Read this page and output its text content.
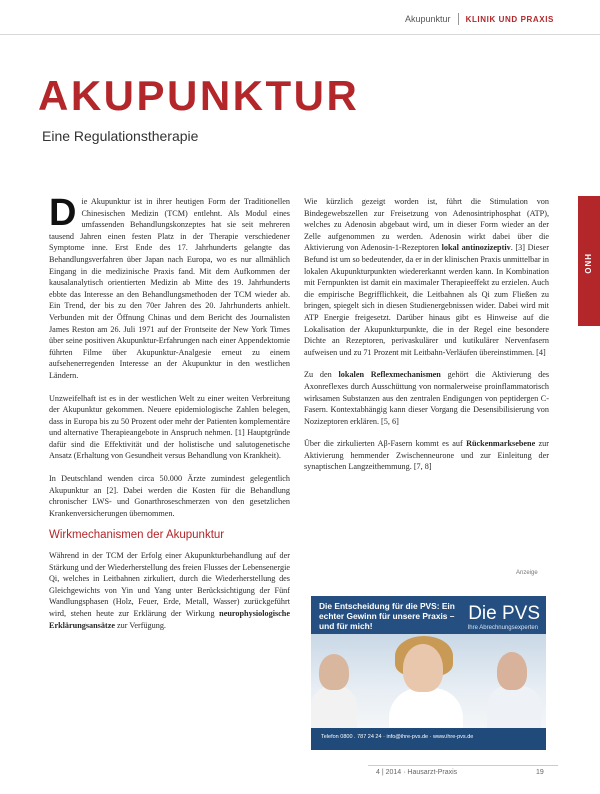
Akupunktur KLINIK UND PRAXIS
AKUPUNKTUR
Eine Regulationstherapie
HNO

Die Akupunktur ist in ihrer heutigen Form der Traditionellen Chinesischen Medizin (TCM) entlehnt. Als Modul eines umfassenden Behandlungskonzeptes hat sie seit mehreren tausend Jahren einen festen Platz in der Therapie verschiedener Symptome inne. Erst Ende des 17. Jahrhunderts gelangte das Behandlungsverfahren über Japan nach Europa, wo es nur allmählich Eingang in die medizinische Praxis fand. Mit dem Aufkommen der kausalanalytisch orientierten Medizin ab Mitte des 19. Jahrhunderts ebbte das Interesse an den Behandlungsmethoden der TCM wieder ab. Ein Trend, der bis zu den 70er Jahren des 20. Jahrhunderts anhielt. Verbunden mit der Öffnung Chinas und dem Bericht des Journalisten James Reston am 26. Juli 1971 auf der Frontseite der New York Times über seine positiven Akupunktur-Erfahrungen nach einer Appendektomie führten Filme über Akupunktur-Analgesie erneut zu einem aufsehenerregenden Interesse an der Akupunktur in den westlichen Ländern.

Unzweifelhaft ist es in der westlichen Welt zu einer weiten Verbreitung der Akupunktur gekommen. Neuere epidemiologische Zahlen belegen, dass in Europa bis zu 50 Prozent oder mehr der Patienten komplementäre und alternative Therapieangebote in Anspruch nehmen. [1] Hauptgründe dafür sind die Effektivität und der holistische und salutogenetische Ansatz (Erhaltung von Gesundheit versus Behandlung von Krankheit).

In Deutschland wenden circa 50.000 Ärzte zumindest gelegentlich Akupunktur an [2]. Dabei werden die Kosten für die Behandlung chronischer LWS- und Gonarthroseschmerzen von den gesetzlichen Krankenversicherungen übernommen.

Wirkmechanismen der Akupunktur

Während in der TCM der Erfolg einer Akupunkturbehandlung auf der Stärkung und der Wiederherstellung des freien Flusses der Lebensenergie Qi, welches in Leitbahnen zirkuliert, durch die Wiederherstellung des Gleichgewichts von Yin und Yang unter Berücksichtigung der Fünf Wandlungsphasen (Holz, Feuer, Erde, Metall, Wasser) zurückgeführt wird, stehen heute zur Erklärung der Wirkung neurophysiologische Erklärungsansätze zur Verfügung.

Wie kürzlich gezeigt worden ist, führt die Stimulation von Bindegewebszellen zur Freisetzung von Adenosintriphosphat (ATP), welches zu Adenosin abgebaut wird, um in dieser Form wieder an der Zelle aufgenommen zu werden. Adenosin wirkt dabei über die Aktivierung von Adenosin-1-Rezeptoren lokal antinozizeptiv. [3] Dieser Befund ist um so bedeutender, da er in der klinischen Praxis unmittelbar in lokalen Akupunkturpunkten wiedererkannt werden kann. In Kombination mit Fernpunkten ist damit ein maximaler Therapieeffekt zu erzielen. Auch die empirische Begrifflichkeit, die Leitbahnen als Qi zum Fließen zu bringen, spiegelt sich in diesen Studienergebnissen wider. Dabei wird mit ATP Energie freigesetzt. Darüber hinaus gibt es Hinweise auf die Lokalisation der Akupunkturpunkte, die in der Regel eine besondere Dichte an Rezeptoren, perivaskulärer und kutikulärer Nervenfasern aufweisen und zu 71 Prozent mit Leitbahn-Verläufen übereinstimmen. [4]

Zu den lokalen Reflexmechanismen gehört die Aktivierung des Axonreflexes durch Ausschüttung von normalerweise proinflammatorisch wirksamen Substanzen aus den zentralen Endigungen von peptidergen C-Fasern. Kontextabhängig kann dieser Vorgang die Desensibilisierung von Nozizeptoren erklären. [5, 6]

Über die zirkulierten Aβ-Fasern kommt es auf Rückenmarksebene zur Aktivierung hemmender Zwischenneurone und zur Einleitung der synaptischen Langzeithemmung. [7, 8]

Anzeige
Die Entscheidung für die PVS: Ein echter Gewinn für unsere Praxis – und für mich!
Die PVS
Ihre Abrechnungsexperten
Telefon 0800 . 787 24 24 · info@ihre-pvs.de · www.ihre-pvs.de
4 | 2014 · Hausarzt-Praxis	19
